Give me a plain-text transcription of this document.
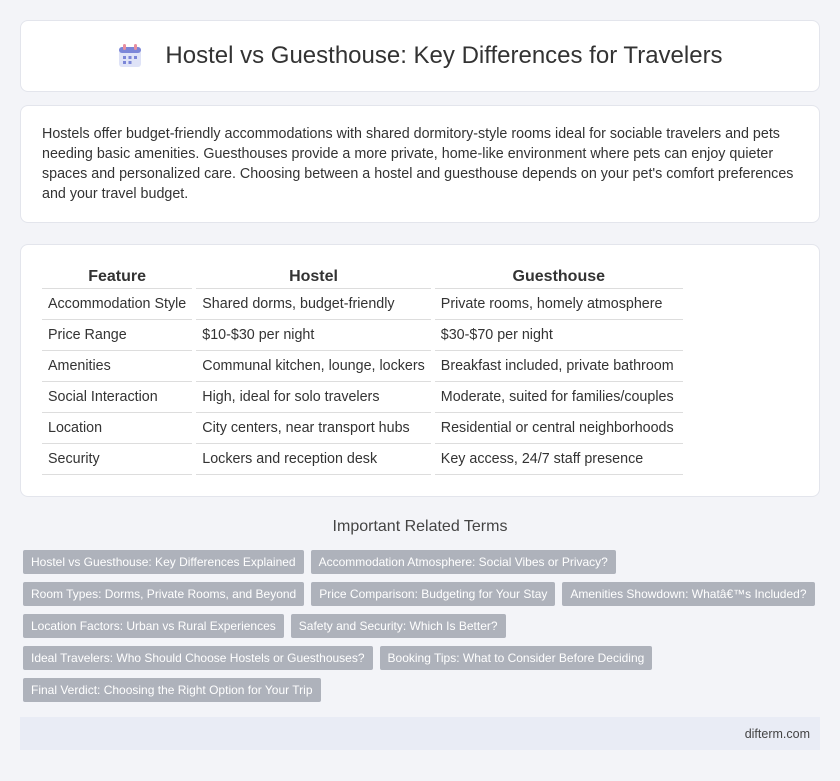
Hostel vs Guesthouse: Key Differences for Travelers

Hostels offer budget-friendly accommodations with shared dormitory-style rooms ideal for sociable travelers and pets needing basic amenities. Guesthouses provide a more private, home-like environment where pets can enjoy quieter spaces and personalized care. Choosing between a hostel and guesthouse depends on your pet's comfort preferences and your travel budget.

Feature	Hostel	Guesthouse
Accommodation Style	Shared dorms, budget-friendly	Private rooms, homely atmosphere
Price Range	$10-$30 per night	$30-$70 per night
Amenities	Communal kitchen, lounge, lockers	Breakfast included, private bathroom
Social Interaction	High, ideal for solo travelers	Moderate, suited for families/couples
Location	City centers, near transport hubs	Residential or central neighborhoods
Security	Lockers and reception desk	Key access, 24/7 staff presence
Important Related Terms
Hostel vs Guesthouse: Key Differences Explained	Accommodation Atmosphere: Social Vibes or Privacy?
Room Types: Dorms, Private Rooms, and Beyond	Price Comparison: Budgeting for Your Stay	Amenities Showdown: Whatâ€™s Included?
Location Factors: Urban vs Rural Experiences	Safety and Security: Which Is Better?
Ideal Travelers: Who Should Choose Hostels or Guesthouses?	Booking Tips: What to Consider Before Deciding
Final Verdict: Choosing the Right Option for Your Trip
difterm.com
